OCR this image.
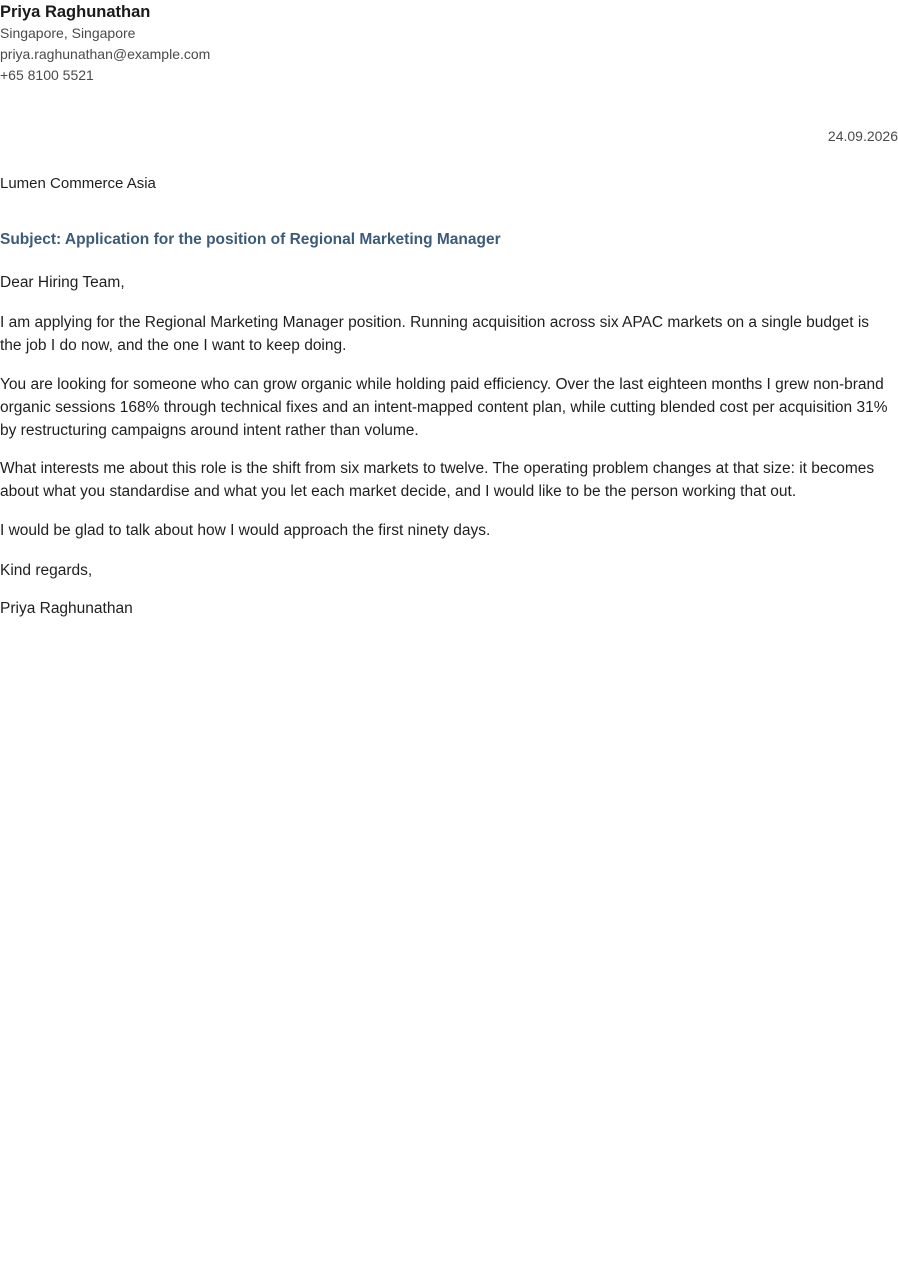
Priya Raghunathan
Singapore, Singapore
priya.raghunathan@example.com
+65 8100 5521
24.09.2026
Lumen Commerce Asia
Subject: Application for the position of Regional Marketing Manager

Dear Hiring Team,

I am applying for the Regional Marketing Manager position. Running acquisition across six APAC markets on a single budget is the job I do now, and the one I want to keep doing.

You are looking for someone who can grow organic while holding paid efficiency. Over the last eighteen months I grew non-brand organic sessions 168% through technical fixes and an intent-mapped content plan, while cutting blended cost per acquisition 31% by restructuring campaigns around intent rather than volume.

What interests me about this role is the shift from six markets to twelve. The operating problem changes at that size: it becomes about what you standardise and what you let each market decide, and I would like to be the person working that out.

I would be glad to talk about how I would approach the first ninety days.

Kind regards,

Priya Raghunathan
